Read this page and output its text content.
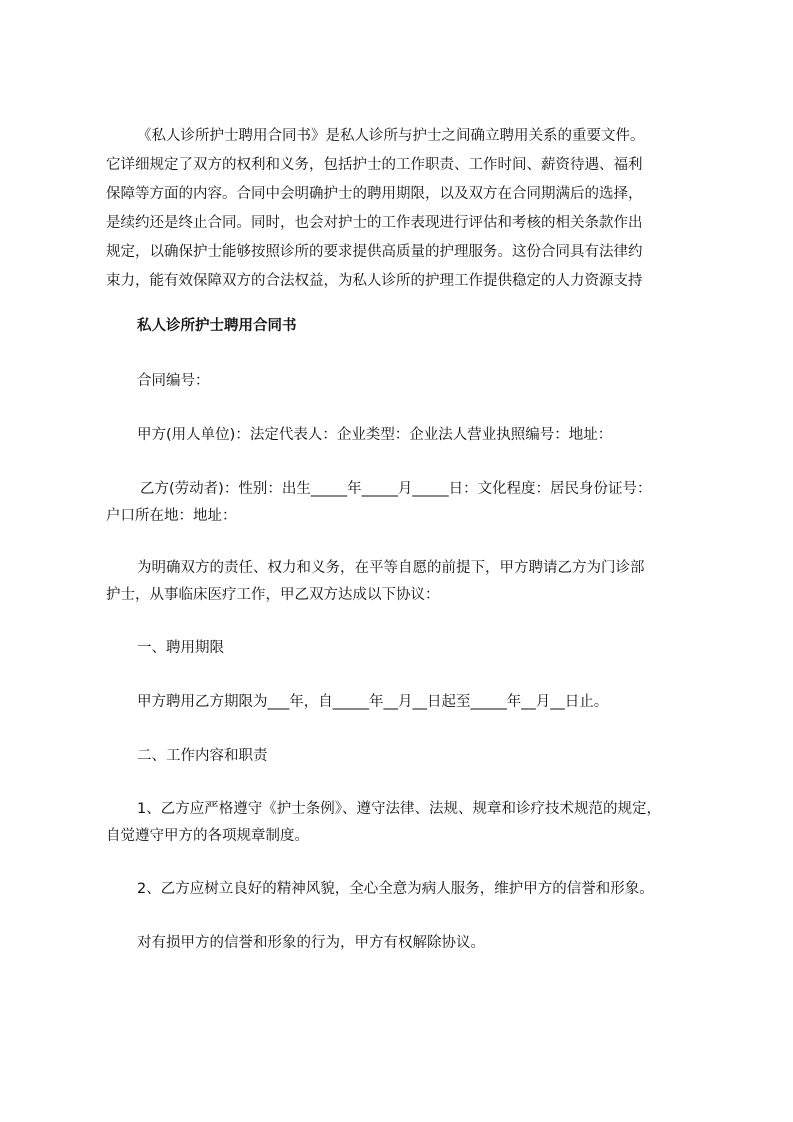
《私人诊所护士聘用合同书》是私人诊所与护士之间确立聘用关系的重要文件。
它详细规定了双方的权利和义务，包括护士的工作职责、工作时间、薪资待遇、福利
保障等方面的内容。合同中会明确护士的聘用期限，以及双方在合同期满后的选择，
是续约还是终止合同。同时，也会对护士的工作表现进行评估和考核的相关条款作出
规定，以确保护士能够按照诊所的要求提供高质量的护理服务。这份合同具有法律约
束力，能有效保障双方的合法权益，为私人诊所的护理工作提供稳定的人力资源支持
私人诊所护士聘用合同书
合同编号：
甲方(用人单位)：法定代表人：企业类型：企业法人营业执照编号：地址：
乙方(劳动者)：性别：出生_____年_____月_____日：文化程度：居民身份证号：
户口所在地：地址：
为明确双方的责任、权力和义务，在平等自愿的前提下，甲方聘请乙方为门诊部
护士，从事临床医疗工作，甲乙双方达成以下协议：
一、聘用期限
甲方聘用乙方期限为___年，自_____年__月__日起至_____年__月__日止。
二、工作内容和职责
1、乙方应严格遵守《护士条例》、遵守法律、法规、规章和诊疗技术规范的规定，
自觉遵守甲方的各项规章制度。
2、乙方应树立良好的精神风貌，全心全意为病人服务，维护甲方的信誉和形象。
对有损甲方的信誉和形象的行为，甲方有权解除协议。
